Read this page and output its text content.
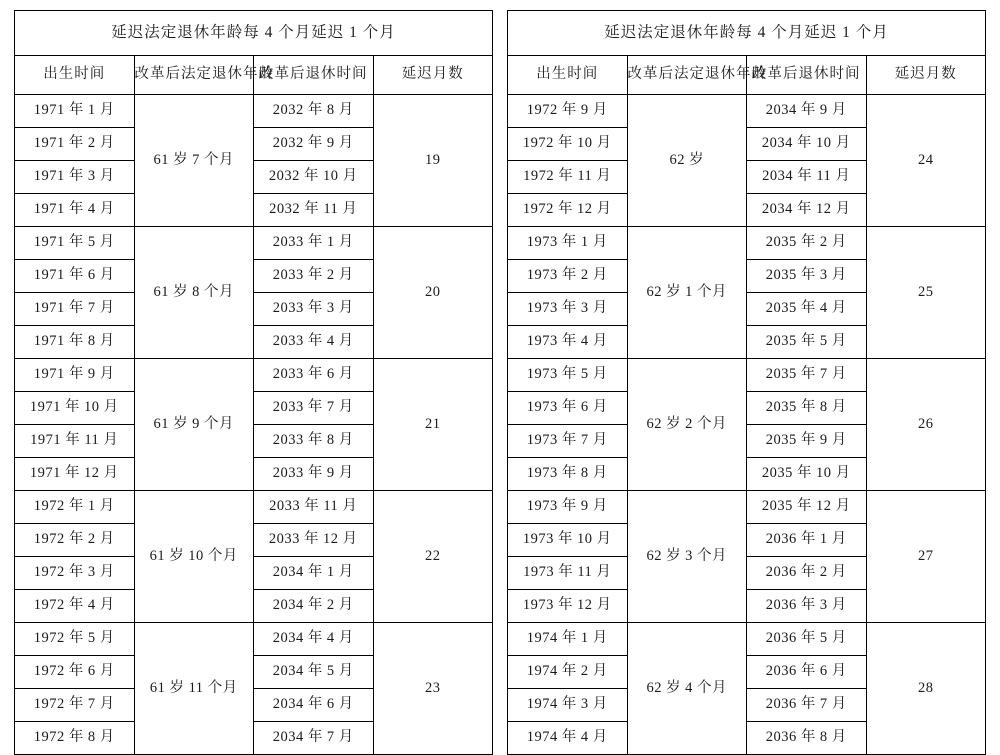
延迟法定退休年龄每 4 个月延迟 1 个月			
出生时间	改革后法定退休年龄	改革后退休时间	延迟月数
1971 年 1 月	61 岁 7 个月	2032 年 8 月	19
1971 年 2 月		2032 年 9 月	
1971 年 3 月		2032 年 10 月	
1971 年 4 月		2032 年 11 月	
1971 年 5 月	61 岁 8 个月	2033 年 1 月	20
1971 年 6 月		2033 年 2 月	
1971 年 7 月		2033 年 3 月	
1971 年 8 月		2033 年 4 月	
1971 年 9 月	61 岁 9 个月	2033 年 6 月	21
1971 年 10 月		2033 年 7 月	
1971 年 11 月		2033 年 8 月	
1971 年 12 月		2033 年 9 月	
1972 年 1 月	61 岁 10 个月	2033 年 11 月	22
1972 年 2 月		2033 年 12 月	
1972 年 3 月		2034 年 1 月	
1972 年 4 月		2034 年 2 月	
1972 年 5 月	61 岁 11 个月	2034 年 4 月	23
1972 年 6 月		2034 年 5 月	
1972 年 7 月		2034 年 6 月	
1972 年 8 月		2034 年 7 月	
延迟法定退休年龄每 4 个月延迟 1 个月			
出生时间	改革后法定退休年龄	改革后退休时间	延迟月数
1972 年 9 月	62 岁	2034 年 9 月	24
1972 年 10 月		2034 年 10 月	
1972 年 11 月		2034 年 11 月	
1972 年 12 月		2034 年 12 月	
1973 年 1 月	62 岁 1 个月	2035 年 2 月	25
1973 年 2 月		2035 年 3 月	
1973 年 3 月		2035 年 4 月	
1973 年 4 月		2035 年 5 月	
1973 年 5 月	62 岁 2 个月	2035 年 7 月	26
1973 年 6 月		2035 年 8 月	
1973 年 7 月		2035 年 9 月	
1973 年 8 月		2035 年 10 月	
1973 年 9 月	62 岁 3 个月	2035 年 12 月	27
1973 年 10 月		2036 年 1 月	
1973 年 11 月		2036 年 2 月	
1973 年 12 月		2036 年 3 月	
1974 年 1 月	62 岁 4 个月	2036 年 5 月	28
1974 年 2 月		2036 年 6 月	
1974 年 3 月		2036 年 7 月	
1974 年 4 月		2036 年 8 月	
